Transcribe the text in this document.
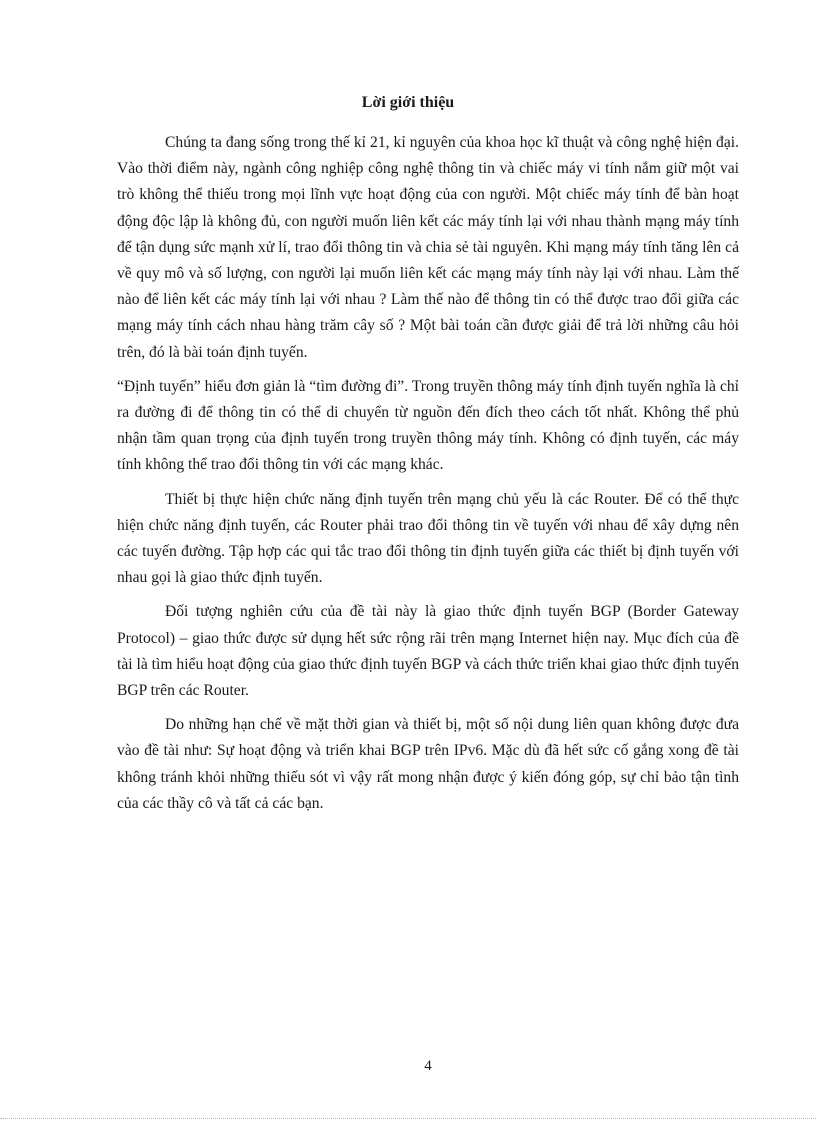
Lời giới thiệu

Chúng ta đang sống trong thế kỉ 21, kỉ nguyên của khoa học kĩ thuật và công nghệ hiện đại. Vào thời điểm này, ngành công nghiệp công nghệ thông tin và chiếc máy vi tính nắm giữ một vai trò không thể thiếu trong mọi lĩnh vực hoạt động của con người. Một chiếc máy tính để bàn hoạt động độc lập là không đủ, con người muốn liên kết các máy tính lại với nhau thành mạng máy tính để tận dụng sức mạnh xử lí, trao đổi thông tin và chia sẻ tài nguyên. Khi mạng máy tính tăng lên cả về quy mô và số lượng, con người lại muốn liên kết các mạng máy tính này lại với nhau. Làm thế nào để liên kết các máy tính lại với nhau ? Làm thế nào để thông tin có thể được trao đổi giữa các mạng máy tính cách nhau hàng trăm cây số ? Một bài toán cần được giải để trả lời những câu hỏi trên, đó là bài toán định tuyến.

“Định tuyến” hiểu đơn giản là “tìm đường đi”. Trong truyền thông máy tính định tuyến nghĩa là chỉ ra đường đi để thông tin có thể di chuyển từ nguồn đến đích theo cách tốt nhất. Không thể phủ nhận tầm quan trọng của định tuyến trong truyền thông máy tính. Không có định tuyến, các máy tính không thể trao đổi thông tin với các mạng khác.

Thiết bị thực hiện chức năng định tuyến trên mạng chủ yếu là các Router. Để có thể thực hiện chức năng định tuyến, các Router phải trao đổi thông tin về tuyến với nhau để xây dựng nên các tuyến đường. Tập hợp các qui tắc trao đổi thông tin định tuyến giữa các thiết bị định tuyến với nhau gọi là giao thức định tuyến.

Đối tượng nghiên cứu của đề tài này là giao thức định tuyến BGP (Border Gateway Protocol) – giao thức được sử dụng hết sức rộng rãi trên mạng Internet hiện nay. Mục đích của đề tài là tìm hiểu hoạt động của giao thức định tuyến BGP và cách thức triển khai giao thức định tuyến BGP trên các Router.

Do những hạn chế về mặt thời gian và thiết bị, một số nội dung liên quan không được đưa vào đề tài như: Sự hoạt động và triển khai BGP trên IPv6. Mặc dù đã hết sức cố gắng xong đề tài không tránh khỏi những thiếu sót vì vậy rất mong nhận được ý kiến đóng góp, sự chỉ bảo tận tình của các thầy cô và tất cả các bạn.

4
